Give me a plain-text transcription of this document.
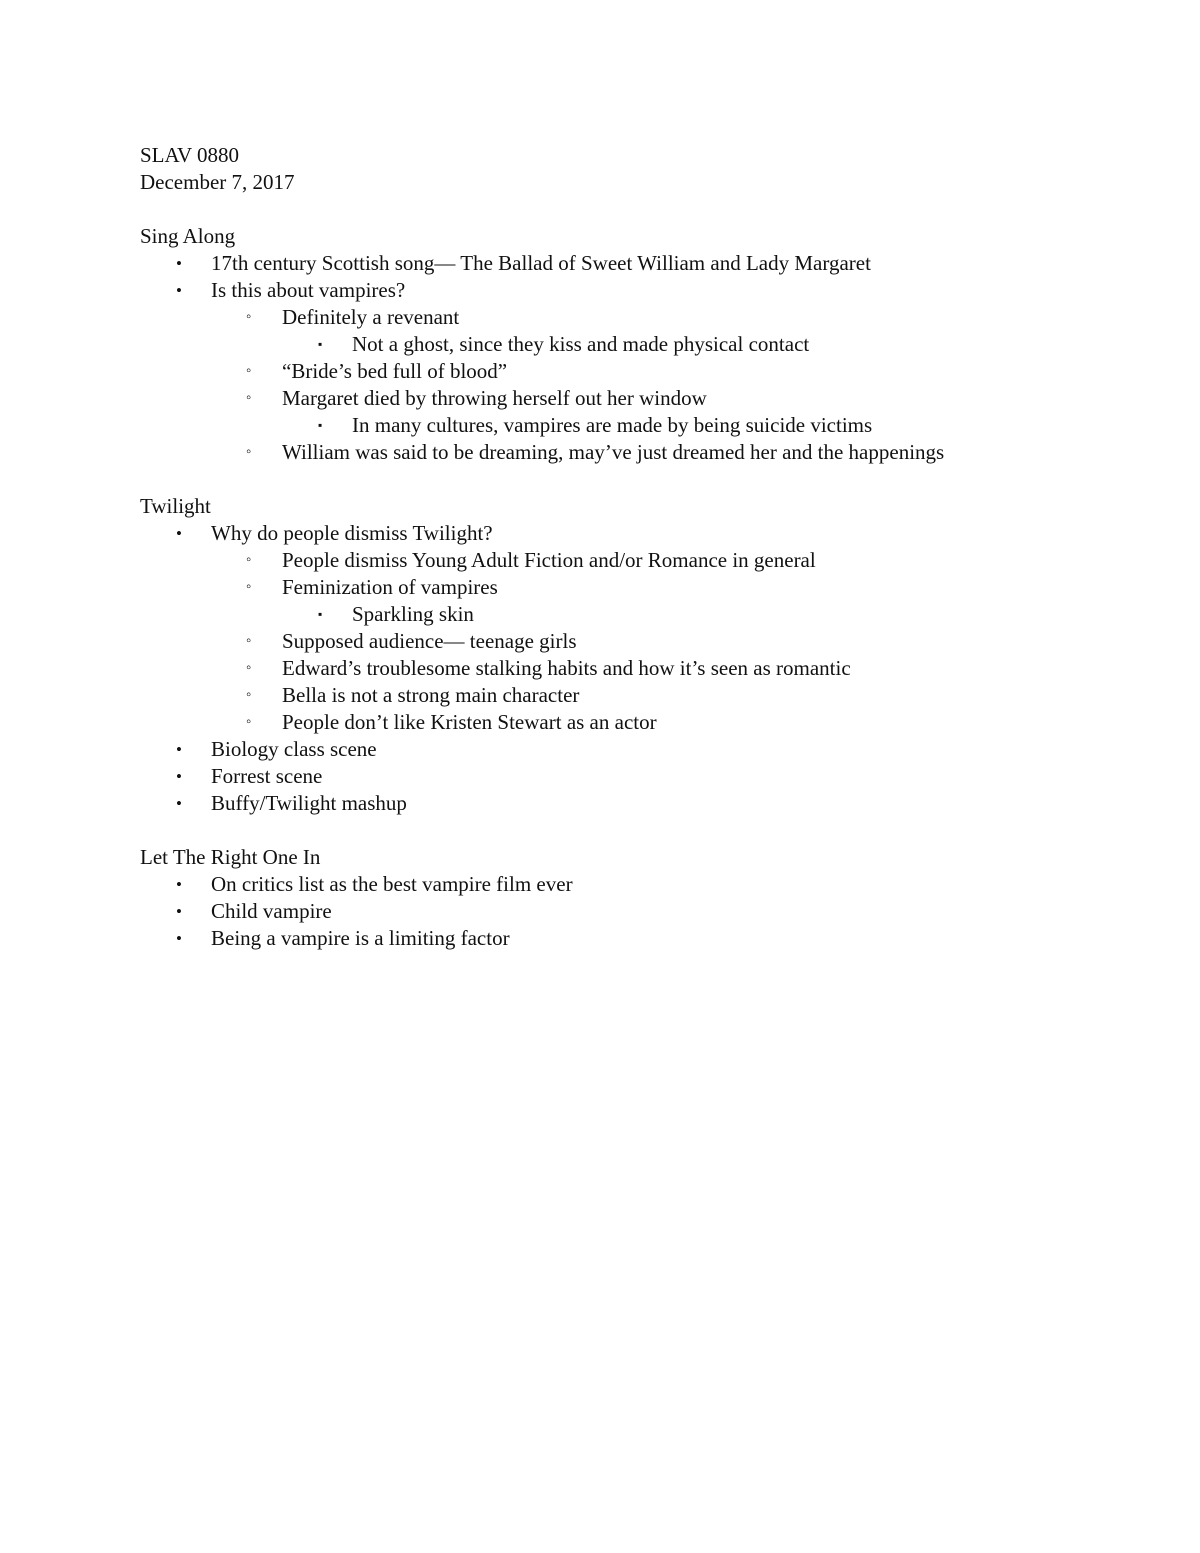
SLAV 0880
December 7, 2017
Sing Along
• 17th century Scottish song— The Ballad of Sweet William and Lady Margaret
• Is this about vampires?
◦ Definitely a revenant
▪ Not a ghost, since they kiss and made physical contact
◦ “Bride’s bed full of blood”
◦ Margaret died by throwing herself out her window
▪ In many cultures, vampires are made by being suicide victims
◦ William was said to be dreaming, may’ve just dreamed her and the happenings
Twilight
• Why do people dismiss Twilight?
◦ People dismiss Young Adult Fiction and/or Romance in general
◦ Feminization of vampires
▪ Sparkling skin
◦ Supposed audience— teenage girls
◦ Edward’s troublesome stalking habits and how it’s seen as romantic
◦ Bella is not a strong main character
◦ People don’t like Kristen Stewart as an actor
• Biology class scene
• Forrest scene
• Buffy/Twilight mashup
Let The Right One In
• On critics list as the best vampire film ever
• Child vampire
• Being a vampire is a limiting factor
